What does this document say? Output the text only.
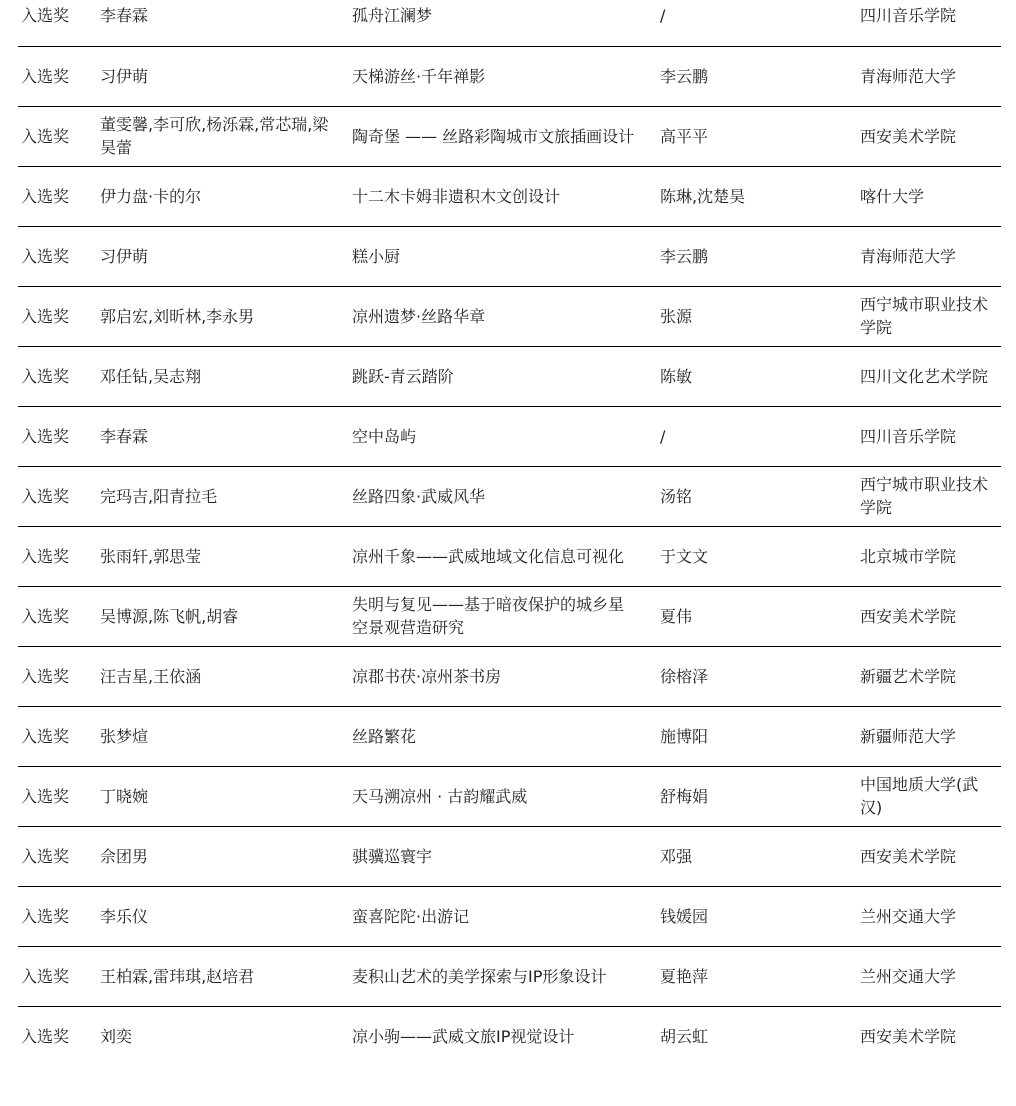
入选奖	李春霖	孤舟江澜梦	/	四川音乐学院
入选奖	习伊萌	天梯游丝·千年禅影	李云鹏	青海师范大学
入选奖	董雯馨,李可欣,杨泺霖,常芯瑞,梁昊蕾	陶奇堡 —— 丝路彩陶城市文旅插画设计	高平平	西安美术学院
入选奖	伊力盘·卡的尔	十二木卡姆非遗积木文创设计	陈琳,沈楚昊	喀什大学
入选奖	习伊萌	糕小厨	李云鹏	青海师范大学
入选奖	郭启宏,刘昕林,李永男	凉州遗梦·丝路华章	张源	西宁城市职业技术学院
入选奖	邓任钻,吴志翔	跳跃-青云踏阶	陈敏	四川文化艺术学院
入选奖	李春霖	空中岛屿	/	四川音乐学院
入选奖	完玛吉,阳青拉毛	丝路四象·武威风华	汤铭	西宁城市职业技术学院
入选奖	张雨轩,郭思莹	凉州千象——武威地域文化信息可视化	于文文	北京城市学院
入选奖	吴博源,陈飞帆,胡睿	失明与复见——基于暗夜保护的城乡星空景观营造研究	夏伟	西安美术学院
入选奖	汪吉星,王依涵	凉郡书茯·凉州茶书房	徐榕泽	新疆艺术学院
入选奖	张梦煊	丝路繁花	施博阳	新疆师范大学
入选奖	丁晓婉	天马溯凉州 · 古韵耀武威	舒梅娟	中国地质大学(武汉)
入选奖	佘团男	骐骥巡寰宇	邓强	西安美术学院
入选奖	李乐仪	蛮喜陀陀·出游记	钱媛园	兰州交通大学
入选奖	王柏霖,雷玮琪,赵培君	麦积山艺术的美学探索与IP形象设计	夏艳萍	兰州交通大学
入选奖	刘奕	凉小驹——武威文旅IP视觉设计	胡云虹	西安美术学院
